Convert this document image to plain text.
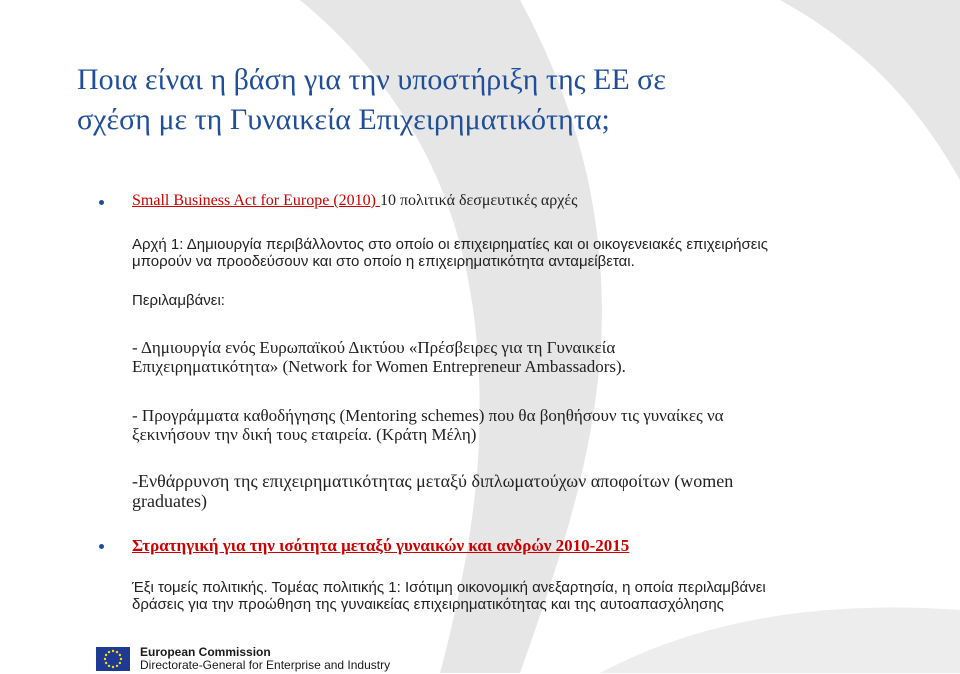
Ποια είναι η βάση για την υποστήριξη της ΕΕ σε
σχέση με τη Γυναικεία Επιχειρηματικότητα;

Small Business Act for Europe (2010) 10 πολιτικά δεσμευτικές αρχές

Αρχή 1: Δημιουργία περιβάλλοντος στο οποίο οι επιχειρηματίες και οι οικογενειακές επιχειρήσεις

μπορούν να προοδεύσουν και στο οποίο η επιχειρηματικότητα ανταμείβεται.

Περιλαμβάνει:

- Δημιουργία ενός Ευρωπαϊκού Δικτύου «Πρέσβειρες για τη Γυναικεία

Επιχειρηματικότητα» (Network for Women Entrepreneur Ambassadors).

- Προγράμματα καθοδήγησης (Mentoring schemes) που θα βοηθήσουν τις γυναίκες να

ξεκινήσουν την δική τους εταιρεία. (Κράτη Μέλη)

-Ενθάρρυνση της επιχειρηματικότητας μεταξύ διπλωματούχων αποφοίτων (women

graduates)

Στρατηγική για την ισότητα μεταξύ γυναικών και ανδρών 2010-2015

Έξι τομείς πολιτικής. Τομέας πολιτικής 1: Ισότιμη οικονομική ανεξαρτησία, η οποία περιλαμβάνει

δράσεις για την προώθηση της γυναικείας επιχειρηματικότητας και της αυτοαπασχόλησης

European Commission
Directorate-General for Enterprise and Industry
